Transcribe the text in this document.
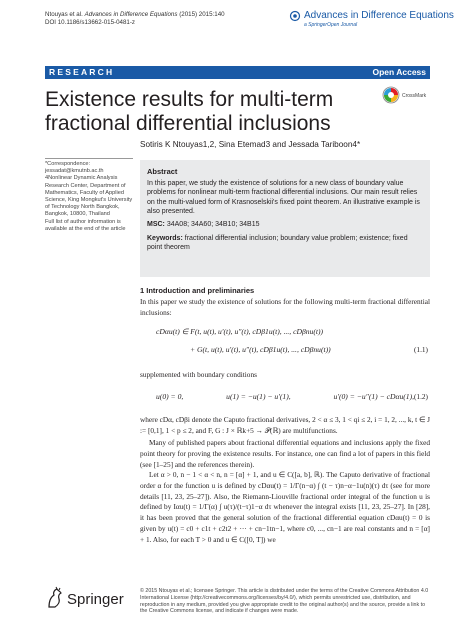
Ntouyas et al. Advances in Difference Equations (2015) 2015:140
DOI 10.1186/s13662-015-0481-z
Advances in Difference Equations
a SpringerOpen Journal
RESEARCH	Open Access
Existence results for multi-term fractional differential inclusions
CrossMark
Sotiris K Ntouyas1,2, Sina Etemad3 and Jessada Tariboon4*
*Correspondence:
jessadat@kmutnb.ac.th
4Nonlinear Dynamic Analysis Research Center, Department of Mathematics, Faculty of Applied Science, King Mongkut's University of Technology North Bangkok, Bangkok, 10800, Thailand
Full list of author information is available at the end of the article
Abstract
In this paper, we study the existence of solutions for a new class of boundary value problems for nonlinear multi-term fractional differential inclusions. Our main result relies on the multi-valued form of Krasnoselskii's fixed point theorem. An illustrative example is also presented.
MSC: 34A08; 34A60; 34B10; 34B15
Keywords: fractional differential inclusion; boundary value problem; existence; fixed point theorem
1 Introduction and preliminaries
In this paper we study the existence of solutions for the following multi-term fractional differential inclusions:
cDαu(t) ∈ F(t, u(t), u′(t), u″(t), cDβ1u(t), ..., cDβnu(t))
+ G(t, u(t), u′(t), u″(t), cDβ1u(t), ..., cDβnu(t))	(1.1)
supplemented with boundary conditions
u(0) = 0,	u(1) = −u(1) − u′(1),	u′(0) = −u″(1) − cDαu(1), (1.2)
where cDα, cDβi denote the Caputo fractional derivatives, 2 < α ≤ 3, 1 < qi ≤ 2, i = 1, 2, ..., k, t ∈ J := [0,1], 1 < p ≤ 2, and F, G : J × ℝk+5 → 𝒫(ℝ) are multifunctions.
Many of published papers about fractional differential equations and inclusions apply the fixed point theory for proving the existence results. For instance, one can find a lot of papers in this field (see [1–25] and the references therein).
Let α > 0, n − 1 < α < n, n = [α] + 1, and u ∈ C([a, b], ℝ). The Caputo derivative of fractional order α for the function u is defined by cDαu(t) = 1/Γ(n−α) ∫ (t − τ)n−α−1u(n)(τ) dτ (see for more details [11, 23, 25–27]). Also, the Riemann-Liouville fractional order integral of the function u is defined by Iαu(t) = 1/Γ(α) ∫ u(τ)/(t−τ)1−α dτ whenever the integral exists [11, 23, 25–27]. In [28], it has been proved that the general solution of the fractional differential equation cDαu(t) = 0 is given by u(t) = c0 + c1t + c2t2 + ··· + cn−1tn−1, where c0, ..., cn−1 are real constants and n = [α] + 1. Also, for each T > 0 and u ∈ C([0, T]) we
Springer	© 2015 Ntouyas et al.; licensee Springer. This article is distributed under the terms of the Creative Commons Attribution 4.0 International License (http://creativecommons.org/licenses/by/4.0/), which permits unrestricted use, distribution, and reproduction in any medium, provided you give appropriate credit to the original author(s) and the source, provide a link to the Creative Commons license, and indicate if changes were made.
